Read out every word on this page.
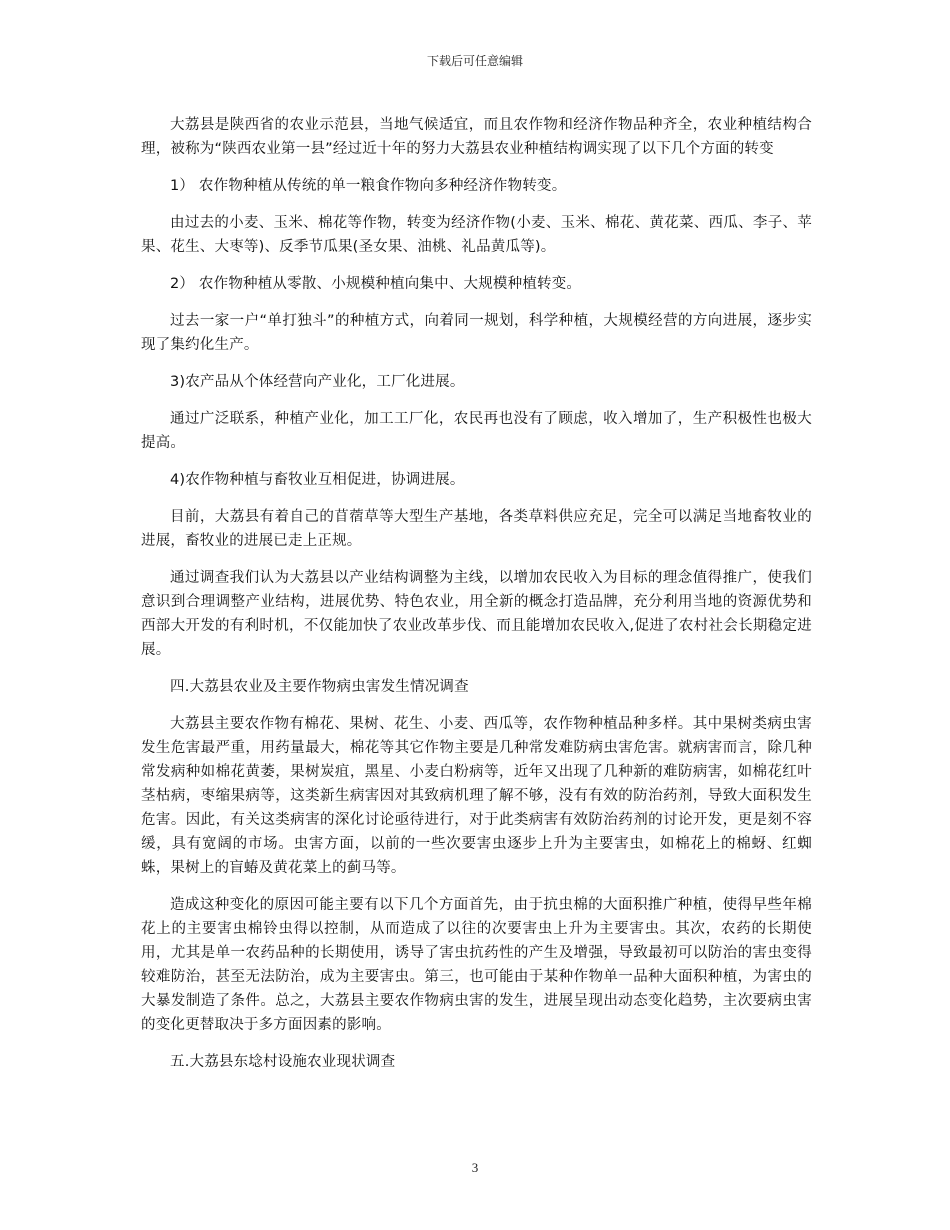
下载后可任意编辑

大荔县是陕西省的农业示范县，当地气候适宜，而且农作物和经济作物品种齐全，农业种植结构合理，被称为“陕西农业第一县”经过近十年的努力大荔县农业种植结构调实现了以下几个方面的转变

1） 农作物种植从传统的单一粮食作物向多种经济作物转变。

由过去的小麦、玉米、棉花等作物，转变为经济作物(小麦、玉米、棉花、黄花菜、西瓜、李子、苹果、花生、大枣等)、反季节瓜果(圣女果、油桃、礼品黄瓜等)。

2） 农作物种植从零散、小规模种植向集中、大规模种植转变。

过去一家一户“单打独斗”的种植方式，向着同一规划，科学种植，大规模经营的方向进展，逐步实现了集约化生产。

3)农产品从个体经营向产业化，工厂化进展。

通过广泛联系，种植产业化，加工工厂化，农民再也没有了顾虑，收入增加了，生产积极性也极大提高。

4)农作物种植与畜牧业互相促进，协调进展。

目前，大荔县有着自己的苜蓿草等大型生产基地，各类草料供应充足，完全可以满足当地畜牧业的进展，畜牧业的进展已走上正规。

通过调查我们认为大荔县以产业结构调整为主线，以增加农民收入为目标的理念值得推广，使我们意识到合理调整产业结构，进展优势、特色农业，用全新的概念打造品牌，充分利用当地的资源优势和西部大开发的有利时机，不仅能加快了农业改革步伐、而且能增加农民收入,促进了农村社会长期稳定进展。

四.大荔县农业及主要作物病虫害发生情况调查

大荔县主要农作物有棉花、果树、花生、小麦、西瓜等，农作物种植品种多样。其中果树类病虫害发生危害最严重，用药量最大，棉花等其它作物主要是几种常发难防病虫害危害。就病害而言，除几种常发病种如棉花黄萎，果树炭疽，黑星、小麦白粉病等，近年又出现了几种新的难防病害，如棉花红叶茎枯病，枣缩果病等，这类新生病害因对其致病机理了解不够，没有有效的防治药剂，导致大面积发生危害。因此，有关这类病害的深化讨论亟待进行，对于此类病害有效防治药剂的讨论开发，更是刻不容缓，具有宽阔的市场。虫害方面，以前的一些次要害虫逐步上升为主要害虫，如棉花上的棉蚜、红蜘蛛，果树上的盲蝽及黄花菜上的蓟马等。

造成这种变化的原因可能主要有以下几个方面首先，由于抗虫棉的大面积推广种植，使得早些年棉花上的主要害虫棉铃虫得以控制，从而造成了以往的次要害虫上升为主要害虫。其次，农药的长期使用，尤其是单一农药品种的长期使用，诱导了害虫抗药性的产生及增强，导致最初可以防治的害虫变得较难防治，甚至无法防治，成为主要害虫。第三，也可能由于某种作物单一品种大面积种植，为害虫的大暴发制造了条件。总之，大荔县主要农作物病虫害的发生，进展呈现出动态变化趋势，主次要病虫害的变化更替取决于多方面因素的影响。

五.大荔县东埝村设施农业现状调查

3
